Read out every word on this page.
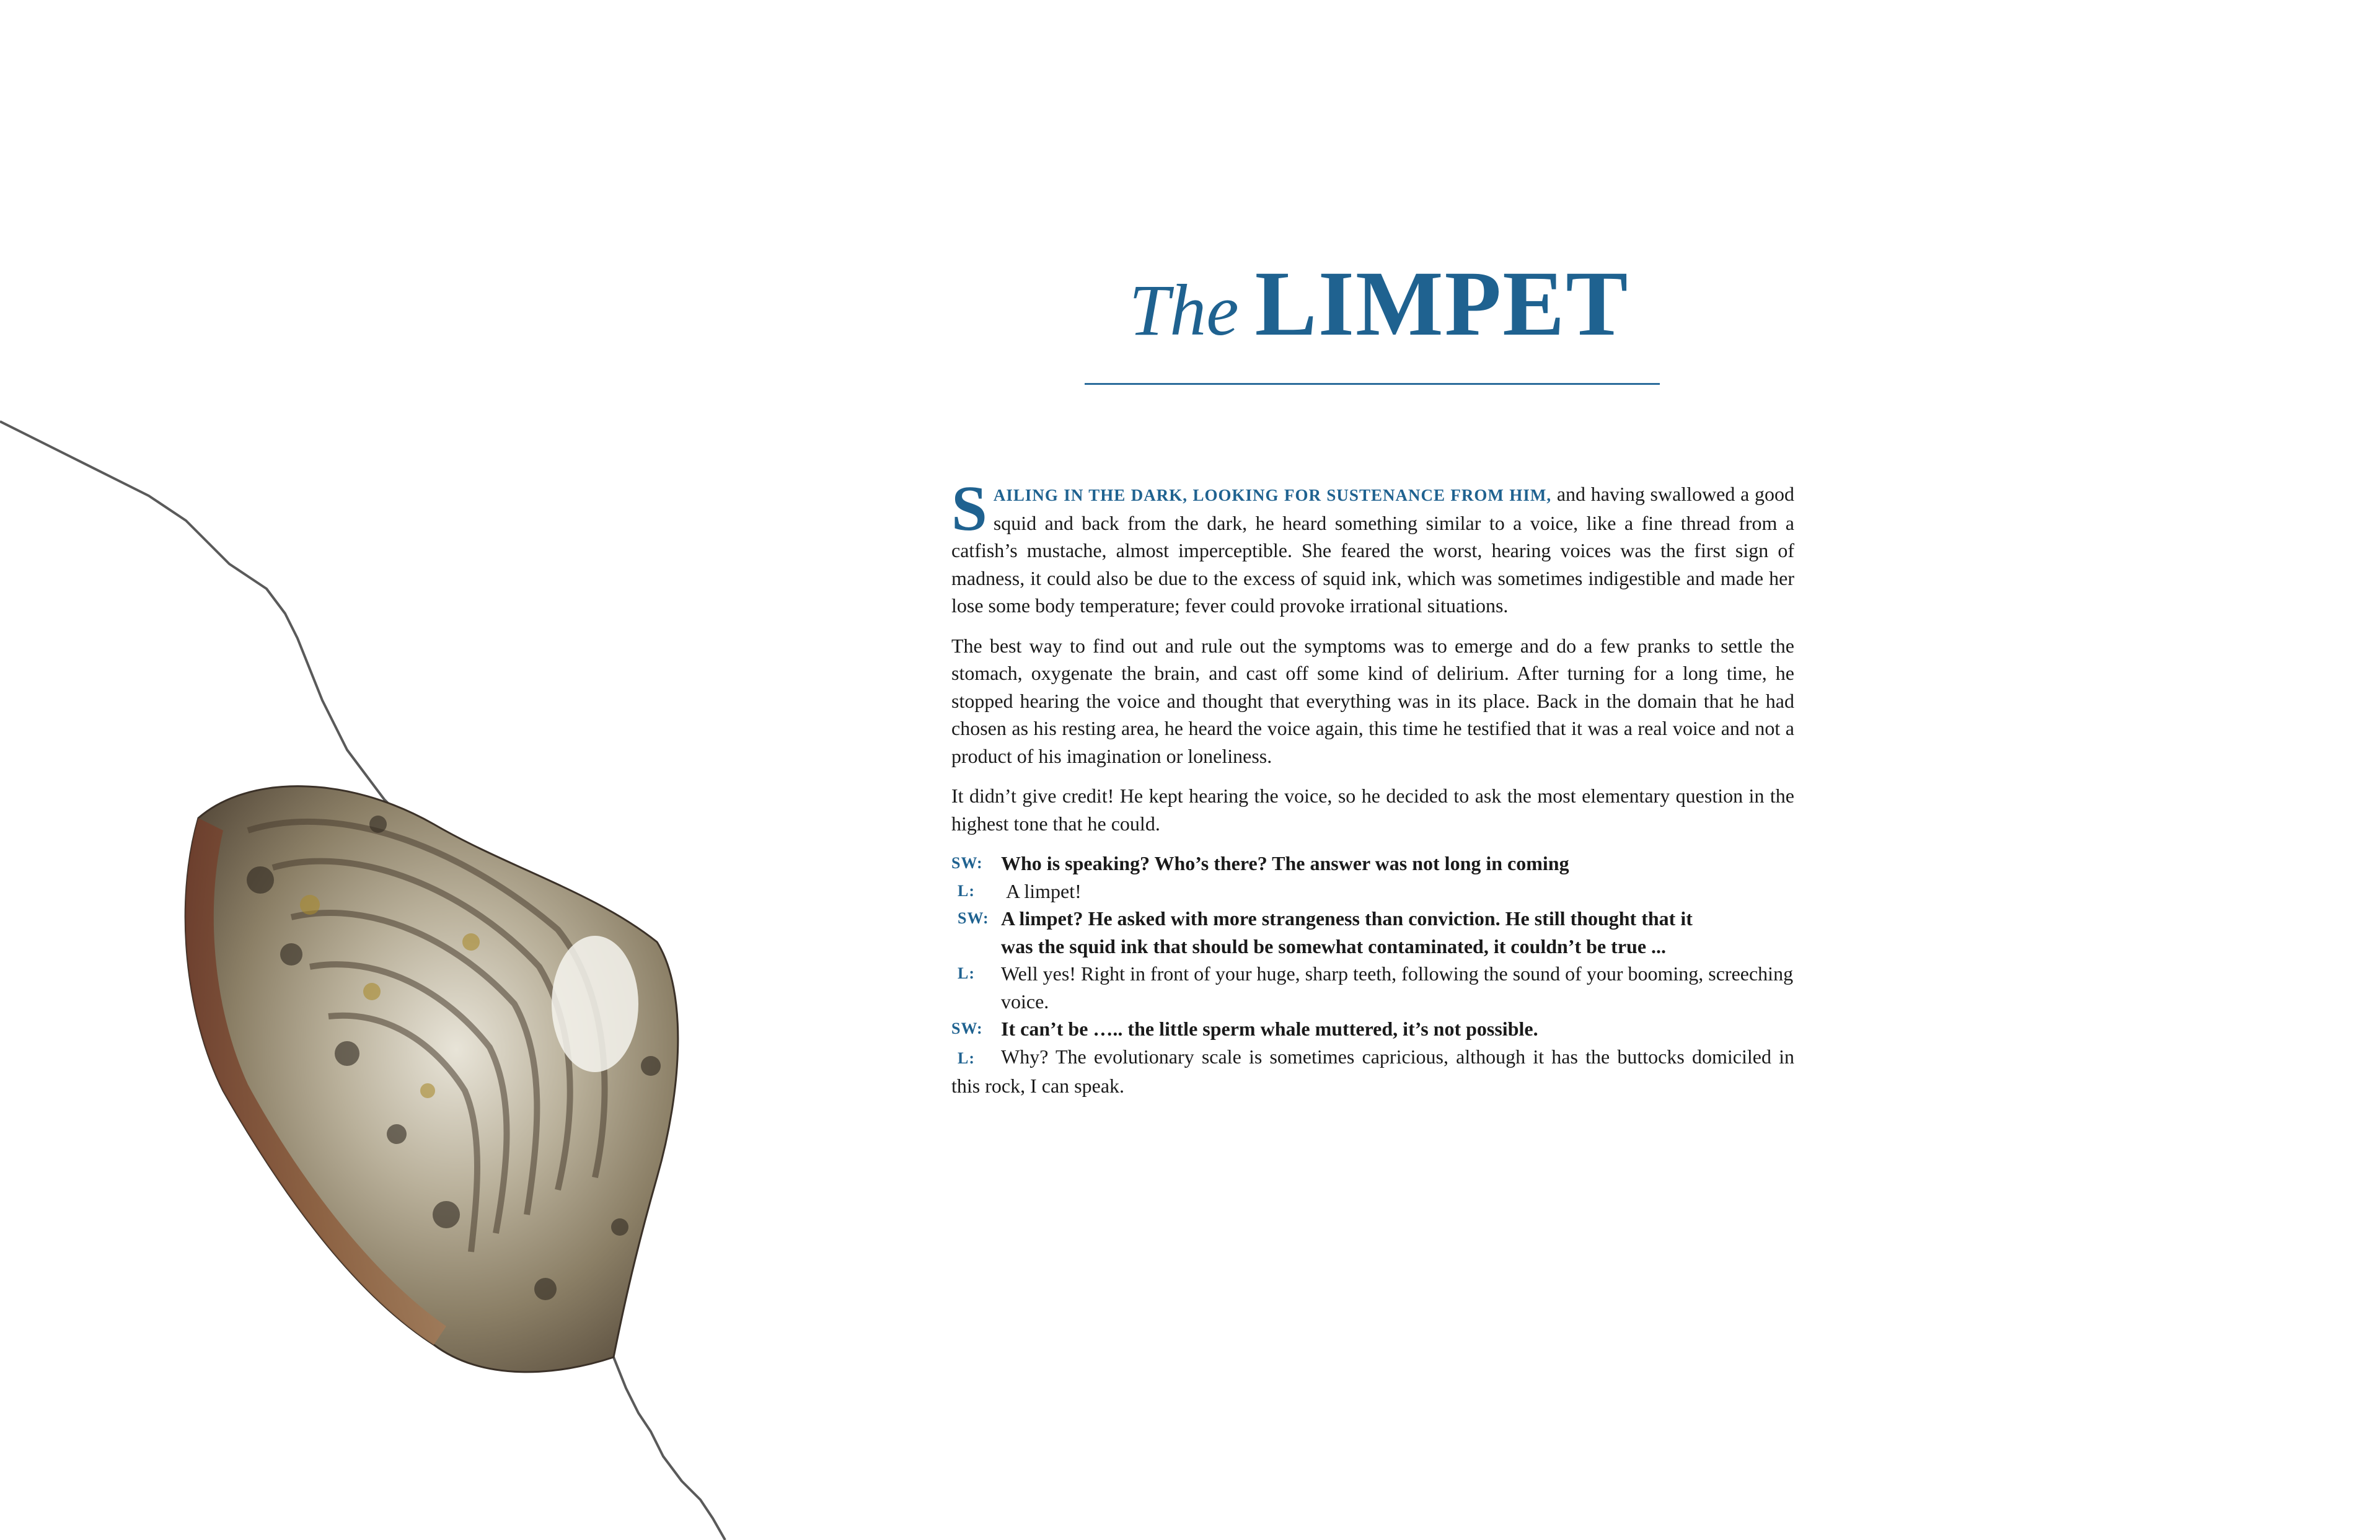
The LIMPET

SAILING IN THE DARK, LOOKING FOR SUSTENANCE FROM HIM, and having swallowed a good squid and back from the dark, he heard something similar to a voice, like a fine thread from a catfish’s mustache, almost imperceptible. She feared the worst, hearing voices was the first sign of madness, it could also be due to the excess of squid ink, which was sometimes indigestible and made her lose some body temperature; fever could provoke irrational situations.

The best way to find out and rule out the symptoms was to emerge and do a few pranks to settle the stomach, oxygenate the brain, and cast off some kind of delirium. After turning for a long time, he stopped hearing the voice and thought that everything was in its place. Back in the domain that he had chosen as his resting area, he heard the voice again, this time he testified that it was a real voice and not a product of his imagination or loneliness.

It didn’t give credit! He kept hearing the voice, so he decided to ask the most elementary question in the highest tone that he could.

SW: Who is speaking? Who’s there? The answer was not long in coming
L:	A limpet!
SW: A limpet? He asked with more strangeness than conviction. He still thought that it was the squid ink that should be somewhat contaminated, it couldn’t be true ...
L:	Well yes! Right in front of your huge, sharp teeth, following the sound of your booming, screeching voice.
SW: It can’t be ….. the little sperm whale muttered, it’s not possible.

L: Why? The evolutionary scale is sometimes capricious, although it has the buttocks domiciled in this rock, I can speak.
